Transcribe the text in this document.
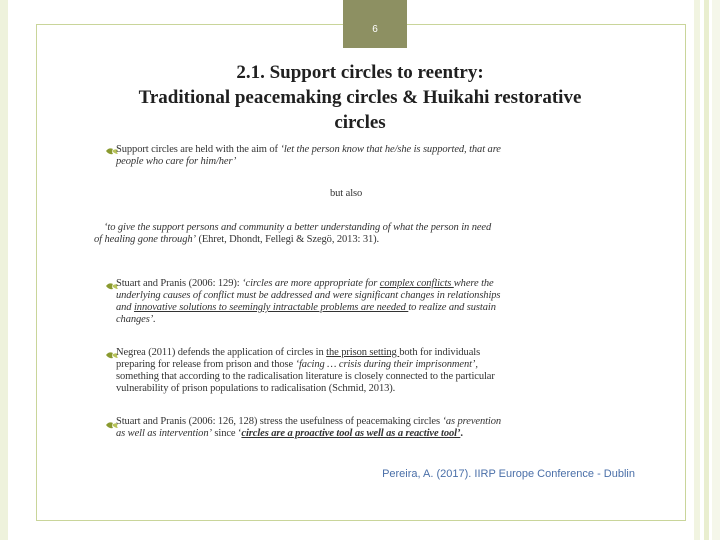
6
2.1. Support circles to reentry:
Traditional peacemaking circles & Huikahi restorative
circles
Support circles are held with the aim of ‘let the person know that he/she is supported, that are
people who care for him/her’
but also
‘to give the support persons and community a better understanding of what the person in need
of healing gone through’ (Ehret, Dhondt, Fellegi & Szegö, 2013: 31).
Stuart and Pranis (2006: 129): ‘circles are more appropriate for complex conflicts where the
underlying causes of conflict must be addressed and were significant changes in relationships
and innovative solutions to seemingly intractable problems are needed to realize and sustain
changes’.
Negrea (2011) defends the application of circles in the prison setting both for individuals
preparing for release from prison and those ‘facing … crisis during their imprisonment’,
something that according to the radicalisation literature is closely connected to the particular
vulnerability of prison populations to radicalisation (Schmid, 2013).
Stuart and Pranis (2006: 126, 128) stress the usefulness of peacemaking circles ‘as prevention
as well as intervention’ since ‘circles are a proactive tool as well as a reactive tool’.
Pereira, A. (2017). IIRP Europe Conference - Dublin
